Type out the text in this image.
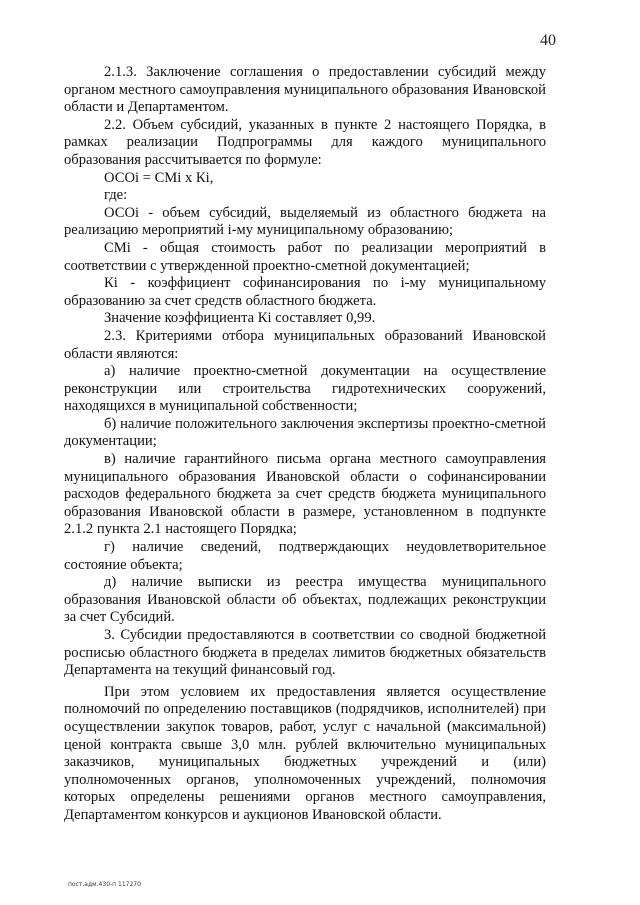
40

2.1.3. Заключение соглашения о предоставлении субсидий между органом местного самоуправления муниципального образования Ивановской области и Департаментом.

2.2. Объем субсидий, указанных в пункте 2 настоящего Порядка, в рамках реализации Подпрограммы для каждого муниципального образования рассчитывается по формуле:

ОСОi = СМi x Кi,

где:

ОСОi - объем субсидий, выделяемый из областного бюджета на реализацию мероприятий i-му муниципальному образованию;

СМi - общая стоимость работ по реализации мероприятий в соответствии с утвержденной проектно-сметной документацией;

Кi - коэффициент софинансирования по i-му муниципальному образованию за счет средств областного бюджета.

Значение коэффициента Кi составляет 0,99.

2.3. Критериями отбора муниципальных образований Ивановской области являются:

а) наличие проектно-сметной документации на осуществление реконструкции или строительства гидротехнических сооружений, находящихся в муниципальной собственности;

б) наличие положительного заключения экспертизы проектно-сметной документации;

в) наличие гарантийного письма органа местного самоуправления муниципального образования Ивановской области о софинансировании расходов федерального бюджета за счет средств бюджета муниципального образования Ивановской области в размере, установленном в подпункте 2.1.2 пункта 2.1 настоящего Порядка;

г) наличие сведений, подтверждающих неудовлетворительное состояние объекта;

д) наличие выписки из реестра имущества муниципального образования Ивановской области об объектах, подлежащих реконструкции за счет Субсидий.

3. Субсидии предоставляются в соответствии со сводной бюджетной росписью областного бюджета в пределах лимитов бюджетных обязательств Департамента на текущий финансовый год.

При этом условием их предоставления является осуществление полномочий по определению поставщиков (подрядчиков, исполнителей) при осуществлении закупок товаров, работ, услуг с начальной (максимальной) ценой контракта свыше 3,0 млн. рублей включительно муниципальных заказчиков, муниципальных бюджетных учреждений и (или) уполномоченных органов, уполномоченных учреждений, полномочия которых определены решениями органов местного самоуправления, Департаментом конкурсов и аукционов Ивановской области.

пост.адм.430-п 117270
